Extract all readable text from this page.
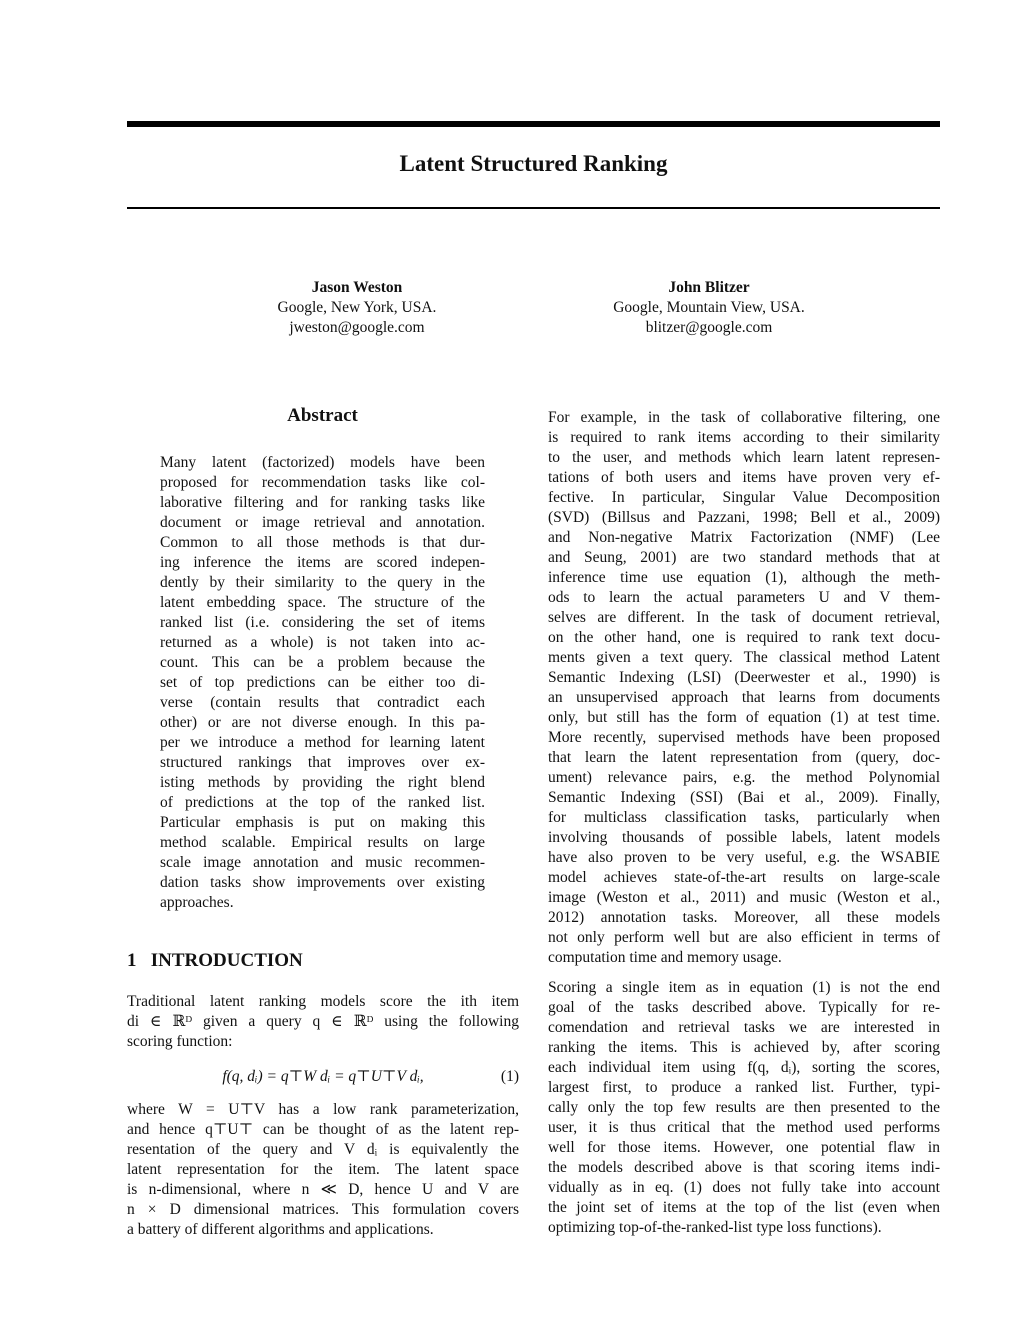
Latent Structured Ranking
Jason Weston
Google, New York, USA.
jweston@google.com
John Blitzer
Google, Mountain View, USA.
blitzer@google.com
Abstract
Many latent (factorized) models have been
proposed for recommendation tasks like col-
laborative filtering and for ranking tasks like
document or image retrieval and annotation.
Common to all those methods is that dur-
ing inference the items are scored indepen-
dently by their similarity to the query in the
latent embedding space. The structure of the
ranked list (i.e. considering the set of items
returned as a whole) is not taken into ac-
count. This can be a problem because the
set of top predictions can be either too di-
verse (contain results that contradict each
other) or are not diverse enough. In this pa-
per we introduce a method for learning latent
structured rankings that improves over ex-
isting methods by providing the right blend
of predictions at the top of the ranked list.
Particular emphasis is put on making this
method scalable. Empirical results on large
scale image annotation and music recommen-
dation tasks show improvements over existing
approaches.
1   INTRODUCTION
Traditional latent ranking models score the ith item
di ∈ ℝᴰ given a query q ∈ ℝᴰ using the following
scoring function:
f(q, dᵢ) = q⊤W dᵢ = q⊤U⊤V dᵢ,	(1)
where W = U⊤V has a low rank parameterization,
and hence q⊤U⊤ can be thought of as the latent rep-
resentation of the query and V dᵢ is equivalently the
latent representation for the item. The latent space
is n-dimensional, where n ≪ D, hence U and V are
n × D dimensional matrices. This formulation covers
a battery of different algorithms and applications.
For example, in the task of collaborative filtering, one
is required to rank items according to their similarity
to the user, and methods which learn latent represen-
tations of both users and items have proven very ef-
fective. In particular, Singular Value Decomposition
(SVD) (Billsus and Pazzani, 1998; Bell et al., 2009)
and Non-negative Matrix Factorization (NMF) (Lee
and Seung, 2001) are two standard methods that at
inference time use equation (1), although the meth-
ods to learn the actual parameters U and V them-
selves are different. In the task of document retrieval,
on the other hand, one is required to rank text docu-
ments given a text query. The classical method Latent
Semantic Indexing (LSI) (Deerwester et al., 1990) is
an unsupervised approach that learns from documents
only, but still has the form of equation (1) at test time.
More recently, supervised methods have been proposed
that learn the latent representation from (query, doc-
ument) relevance pairs, e.g. the method Polynomial
Semantic Indexing (SSI) (Bai et al., 2009). Finally,
for multiclass classification tasks, particularly when
involving thousands of possible labels, latent models
have also proven to be very useful, e.g. the WSABIE
model achieves state-of-the-art results on large-scale
image (Weston et al., 2011) and music (Weston et al.,
2012) annotation tasks. Moreover, all these models
not only perform well but are also efficient in terms of
computation time and memory usage.
Scoring a single item as in equation (1) is not the end
goal of the tasks described above. Typically for re-
comendation and retrieval tasks we are interested in
ranking the items. This is achieved by, after scoring
each individual item using f(q, dᵢ), sorting the scores,
largest first, to produce a ranked list. Further, typi-
cally only the top few results are then presented to the
user, it is thus critical that the method used performs
well for those items. However, one potential flaw in
the models described above is that scoring items indi-
vidually as in eq. (1) does not fully take into account
the joint set of items at the top of the list (even when
optimizing top-of-the-ranked-list type loss functions).
